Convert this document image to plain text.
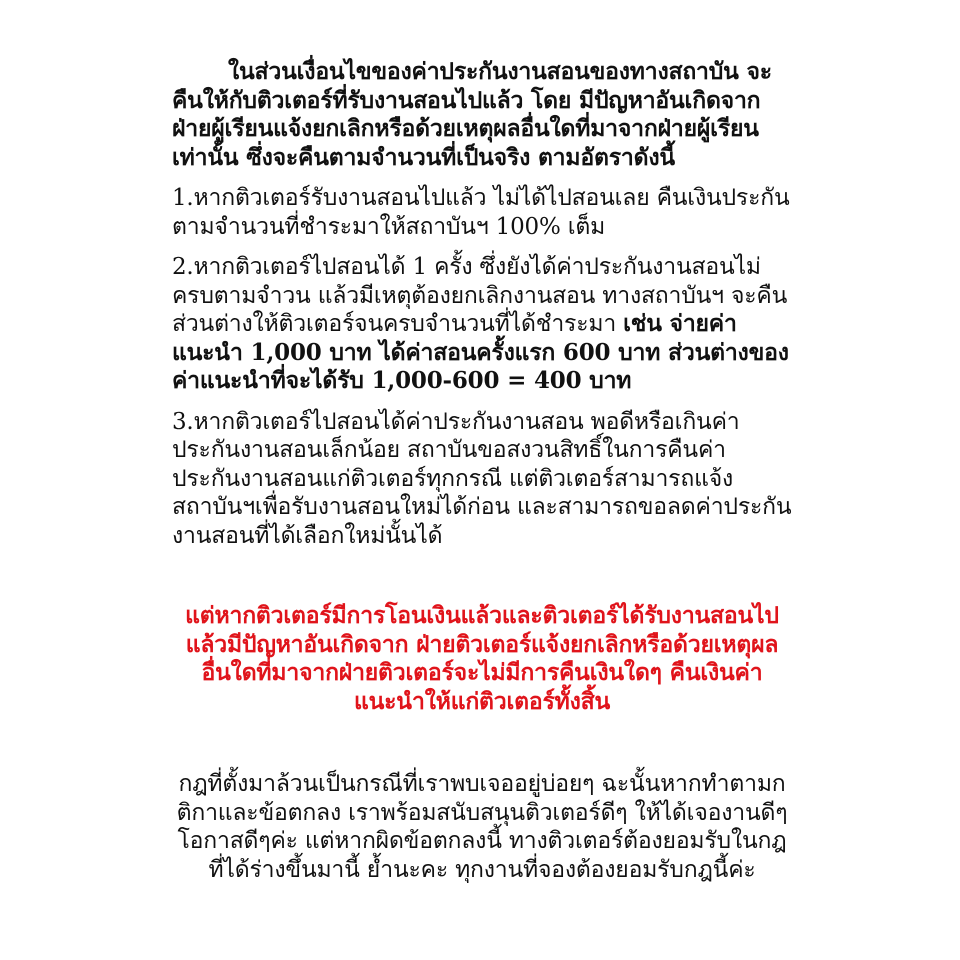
ในส่วนเงื่อนไขของค่าประกันงานสอนของทางสถาบัน จะคืนให้กับติวเตอร์ที่รับงานสอนไปแล้ว โดย มีปัญหาอันเกิดจากฝ่ายผู้เรียนแจ้งยกเลิกหรือด้วยเหตุผลอื่นใดที่มาจากฝ่ายผู้เรียนเท่านั้น ซึ่งจะคืนตามจำนวนที่เป็นจริง ตามอัตราดังนี้

1.หากติวเตอร์รับงานสอนไปแล้ว ไม่ได้ไปสอนเลย คืนเงินประกันตามจำนวนที่ชำระมาให้สถาบันฯ 100% เต็ม

2.หากติวเตอร์ไปสอนได้ 1 ครั้ง ซึ่งยังได้ค่าประกันงานสอนไม่ครบตามจำวน แล้วมีเหตุต้องยกเลิกงานสอน ทางสถาบันฯ จะคืนส่วนต่างให้ติวเตอร์จนครบจำนวนที่ได้ชำระมา เช่น จ่ายค่าแนะนำ 1,000 บาท ได้ค่าสอนครั้งแรก 600 บาท ส่วนต่างของค่าแนะนำที่จะได้รับ 1,000-600 = 400 บาท

3.หากติวเตอร์ไปสอนได้ค่าประกันงานสอน พอดีหรือเกินค่าประกันงานสอนเล็กน้อย สถาบันขอสงวนสิทธิ์ในการคืนค่าประกันงานสอนแก่ติวเตอร์ทุกกรณี แต่ติวเตอร์สามารถแจ้งสถาบันฯเพื่อรับงานสอนใหม่ได้ก่อน และสามารถขอลดค่าประกันงานสอนที่ได้เลือกใหม่นั้นได้

แต่หากติวเตอร์มีการโอนเงินแล้วและติวเตอร์ได้รับงานสอนไปแล้วมีปัญหาอันเกิดจาก ฝ่ายติวเตอร์แจ้งยกเลิกหรือด้วยเหตุผลอื่นใดที่มาจากฝ่ายติวเตอร์จะไม่มีการคืนเงินใดๆ คืนเงินค่าแนะนำให้แก่ติวเตอร์ทั้งสิ้น

กฎที่ตั้งมาล้วนเป็นกรณีที่เราพบเจออยู่บ่อยๆ ฉะนั้นหากทำตามกติกาและข้อตกลง เราพร้อมสนับสนุนติวเตอร์ดีๆ ให้ได้เจองานดีๆ โอกาสดีๆค่ะ แต่หากผิดข้อตกลงนี้ ทางติวเตอร์ต้องยอมรับในกฎที่ได้ร่างขึ้นมานี้ ย้ำนะคะ ทุกงานที่จองต้องยอมรับกฎนี้ค่ะ
